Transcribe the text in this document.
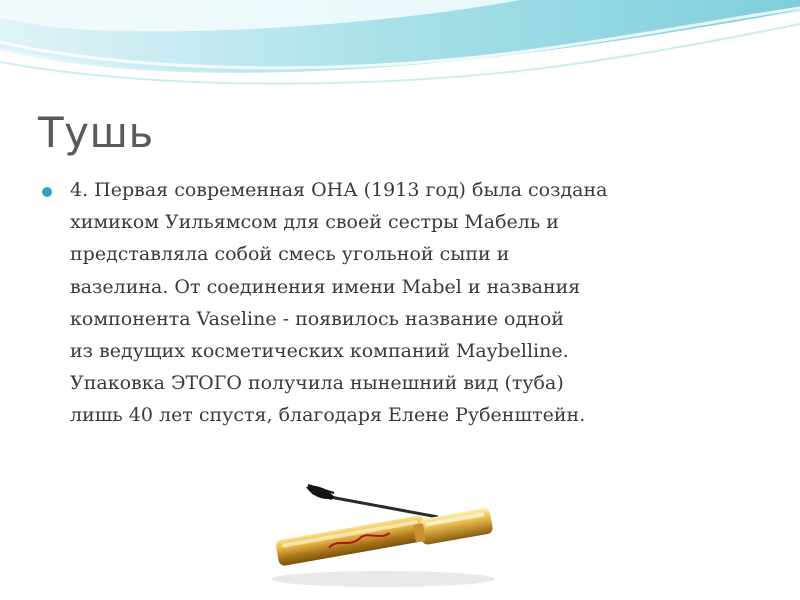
Тушь

4. Первая современная ОНА (1913 год) была создана
химиком Уильямсом для своей сестры Мабель и
представляла собой смесь угольной сыпи и
вазелина. От соединения имени Mabel и названия
компонента Vaseline - появилось название одной
из ведущих косметических компаний Maybelline.
Упаковка ЭТОГО получила нынешний вид (туба)
лишь 40 лет спустя, благодаря Елене Рубенштейн.
